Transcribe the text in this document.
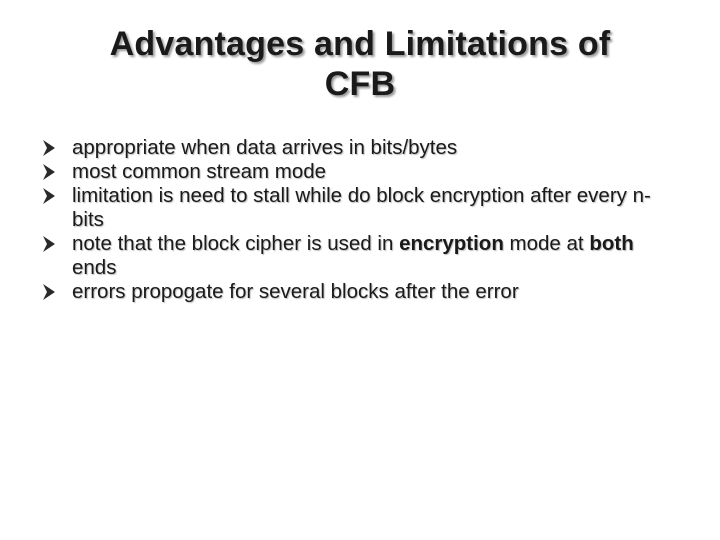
Advantages and Limitations of
CFB
appropriate when data arrives in bits/bytes
most common stream mode
limitation is need to stall while do block encryption after every n-bits
note that the block cipher is used in encryption mode at both ends
errors propogate for several blocks after the error
